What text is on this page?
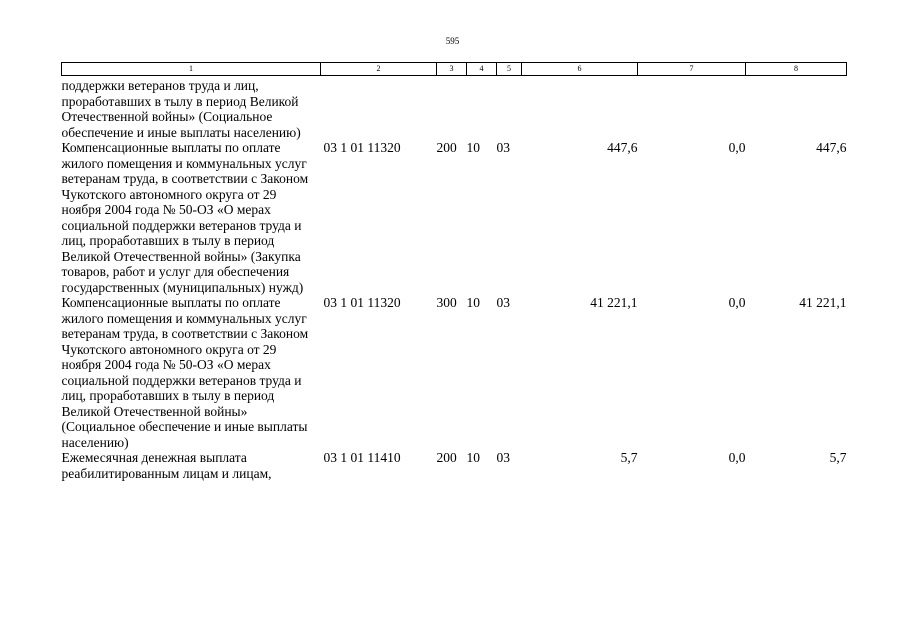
595
1	2	3	4	5	6	7	8

поддержки ветеранов труда и лиц, проработавших в тылу в период Великой Отечественной войны» (Социальное обеспечение и иные выплаты населению)							
Компенсационные выплаты по оплате жилого помещения и коммунальных услуг ветеранам труда, в соответствии с Законом Чукотского автономного округа от 29 ноября 2004 года № 50-ОЗ «О мерах социальной поддержки ветеранов труда и лиц, проработавших в тылу в период Великой Отечественной войны» (Закупка товаров, работ и услуг для обеспечения государственных (муниципальных) нужд)	03 1 01 11320	200	10	03	447,6	0,0	447,6
Компенсационные выплаты по оплате жилого помещения и коммунальных услуг ветеранам труда, в соответствии с Законом Чукотского автономного округа от 29 ноября 2004 года № 50-ОЗ «О мерах социальной поддержки ветеранов труда и лиц, проработавших в тылу в период Великой Отечественной войны» (Социальное обеспечение и иные выплаты населению)	03 1 01 11320	300	10	03	41 221,1	0,0	41 221,1
Ежемесячная денежная выплата реабилитированным лицам и лицам,	03 1 01 11410	200	10	03	5,7	0,0	5,7
